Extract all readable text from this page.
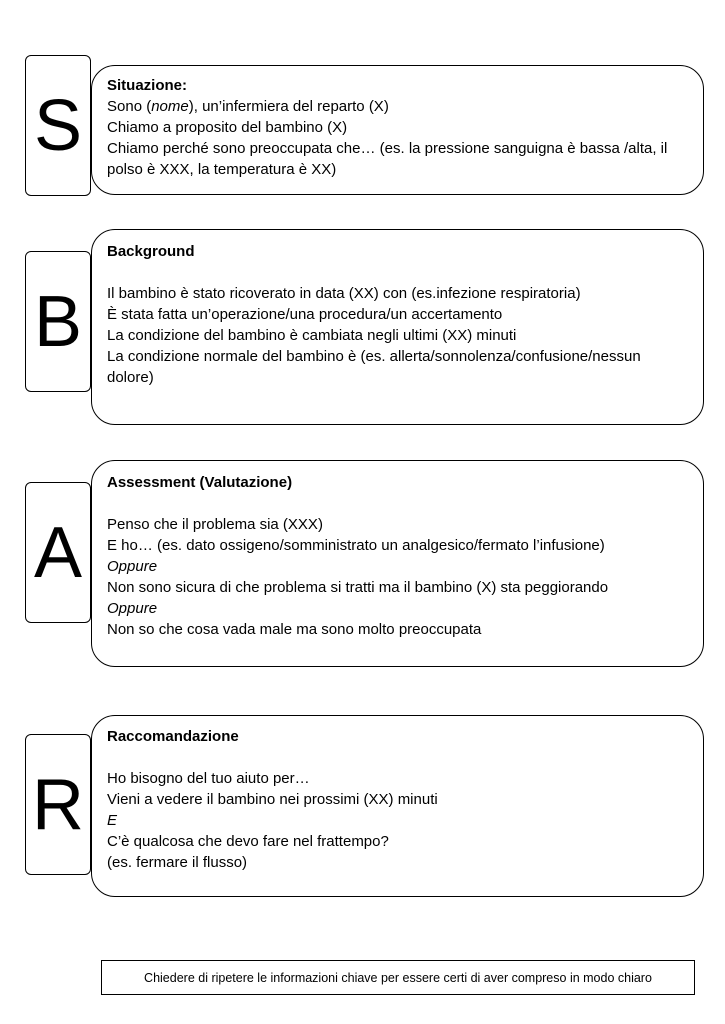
S	Situazione:

Sono (nome), un’infermiera del reparto (X)

Chiamo a proposito del bambino (X)

Chiamo perché sono preoccupata che… (es. la pressione sanguigna è bassa /alta, il

polso è XXX, la temperatura è XX)

B

Background

Il bambino è stato ricoverato in data (XX) con (es.infezione respiratoria)

È stata fatta un’operazione/una procedura/un accertamento

La condizione del bambino è cambiata negli ultimi (XX) minuti

La condizione normale del bambino è (es. allerta/sonnolenza/confusione/nessun

dolore)

A

Assessment (Valutazione)

Penso che il problema sia (XXX)

E ho… (es. dato ossigeno/somministrato un analgesico/fermato l’infusione)

Oppure

Non sono sicura di che problema si tratti ma il bambino (X) sta peggiorando

Oppure

Non so che cosa vada male ma sono molto preoccupata

R

Raccomandazione

Ho bisogno del tuo aiuto per…

Vieni a vedere il bambino nei prossimi (XX) minuti

E

C’è qualcosa che devo fare nel frattempo?

(es. fermare il flusso)

Chiedere di ripetere le informazioni chiave per essere certi di aver compreso in modo chiaro
